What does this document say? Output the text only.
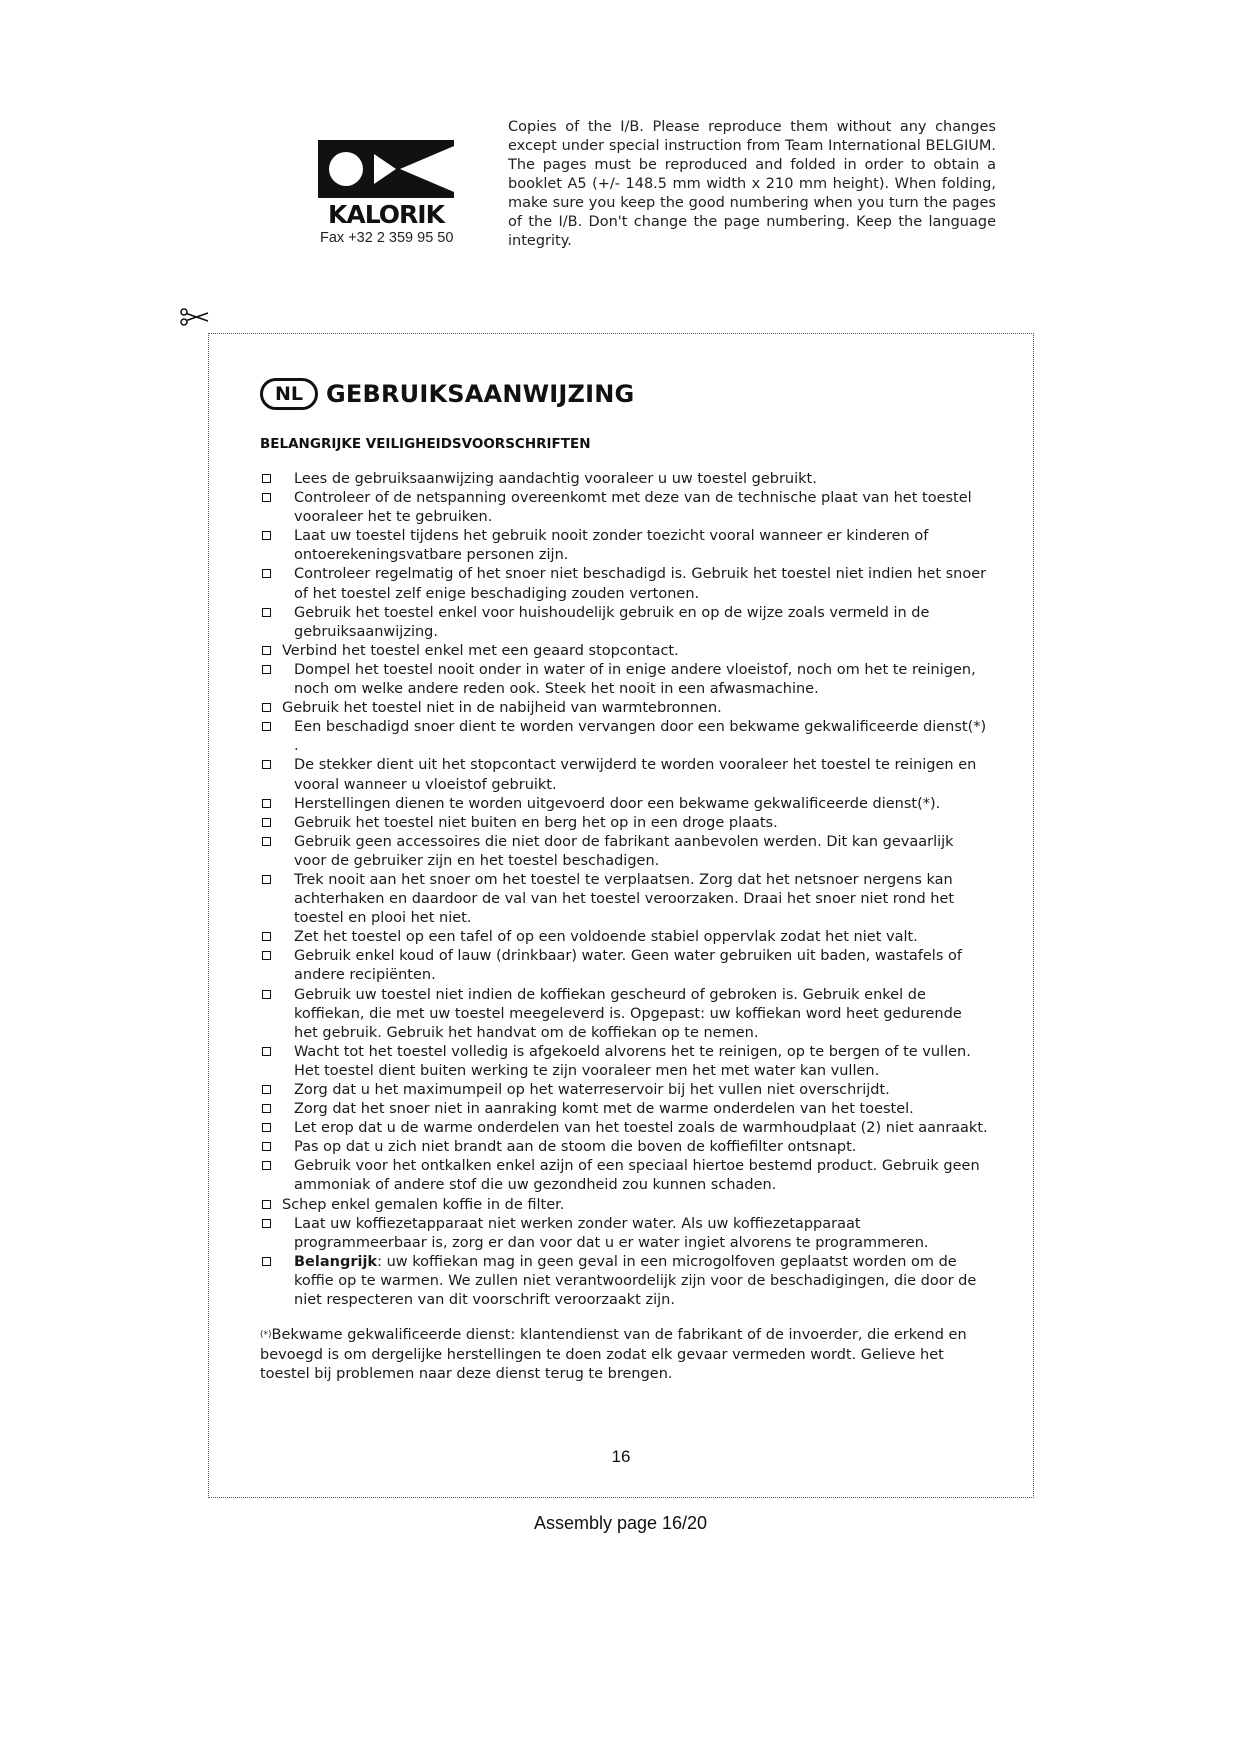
KALORIK
Fax +32 2 359 95 50
Copies of the I/B. Please reproduce them without any changes except under special instruction from Team International BELGIUM. The pages must be reproduced and folded in order to obtain a booklet A5 (+/- 148.5 mm width x 210 mm height). When folding, make sure you keep the good numbering when you turn the pages of the I/B. Don't change the page numbering. Keep the language integrity.
NL GEBRUIKSAANWIJZING
BELANGRIJKE VEILIGHEIDSVOORSCHRIFTEN
Lees de gebruiksaanwijzing aandachtig vooraleer u uw toestel gebruikt.
Controleer of de netspanning overeenkomt met deze van de technische plaat van het toestel vooraleer het te gebruiken.
Laat uw toestel tijdens het gebruik nooit zonder toezicht vooral wanneer er kinderen of ontoerekeningsvatbare personen zijn.
Controleer regelmatig of het snoer niet beschadigd is. Gebruik het toestel niet indien het snoer of het toestel zelf enige beschadiging zouden vertonen.
Gebruik het toestel enkel voor huishoudelijk gebruik en op de wijze zoals vermeld in de gebruiksaanwijzing.
Verbind het toestel enkel met een geaard stopcontact.
Dompel het toestel nooit onder in water of in enige andere vloeistof, noch om het te reinigen, noch om welke andere reden ook. Steek het nooit in een afwasmachine.
Gebruik het toestel niet in de nabijheid van warmtebronnen.
Een beschadigd snoer dient te worden vervangen door een bekwame gekwalificeerde dienst(*) .
De stekker dient uit het stopcontact verwijderd te worden vooraleer het toestel te reinigen en vooral wanneer u vloeistof gebruikt.
Herstellingen dienen te worden uitgevoerd door een bekwame gekwalificeerde dienst(*).
Gebruik het toestel niet buiten en berg het op in een droge plaats.
Gebruik geen accessoires die niet door de fabrikant aanbevolen werden. Dit kan gevaarlijk voor de gebruiker zijn en het toestel beschadigen.
Trek nooit aan het snoer om het toestel te verplaatsen. Zorg dat het netsnoer nergens kan achterhaken en daardoor de val van het toestel veroorzaken. Draai het snoer niet rond het toestel en plooi het niet.
Zet het toestel op een tafel of op een voldoende stabiel oppervlak zodat het niet valt.
Gebruik enkel koud of lauw (drinkbaar) water. Geen water gebruiken uit baden, wastafels of andere recipiënten.
Gebruik uw toestel niet indien de koffiekan gescheurd of gebroken is. Gebruik enkel de koffiekan, die met uw toestel meegeleverd is. Opgepast: uw koffiekan word heet gedurende het gebruik. Gebruik het handvat om de koffiekan op te nemen.
Wacht tot het toestel volledig is afgekoeld alvorens het te reinigen, op te bergen of te vullen. Het toestel dient buiten werking te zijn vooraleer men het met water kan vullen.
Zorg dat u het maximumpeil op het waterreservoir bij het vullen niet overschrijdt.
Zorg dat het snoer niet in aanraking komt met de warme onderdelen van het toestel.
Let erop dat u de warme onderdelen van het toestel zoals de warmhoudplaat (2) niet aanraakt.
Pas op dat u zich niet brandt aan de stoom die boven de koffiefilter ontsnapt.
Gebruik voor het ontkalken enkel azijn of een speciaal hiertoe bestemd product. Gebruik geen ammoniak of andere stof die uw gezondheid zou kunnen schaden.
Schep enkel gemalen koffie in de filter.
Laat uw koffiezetapparaat niet werken zonder water. Als uw koffiezetapparaat programmeerbaar is, zorg er dan voor dat u er water ingiet alvorens te programmeren.
Belangrijk: uw koffiekan mag in geen geval in een microgolfoven geplaatst worden om de koffie op te warmen. We zullen niet verantwoordelijk zijn voor de beschadigingen, die door de niet respecteren van dit voorschrift veroorzaakt zijn.
(*)Bekwame gekwalificeerde dienst: klantendienst van de fabrikant of de invoerder, die erkend en bevoegd is om dergelijke herstellingen te doen zodat elk gevaar vermeden wordt. Gelieve het toestel bij problemen naar deze dienst terug te brengen.
16
Assembly page 16/20
